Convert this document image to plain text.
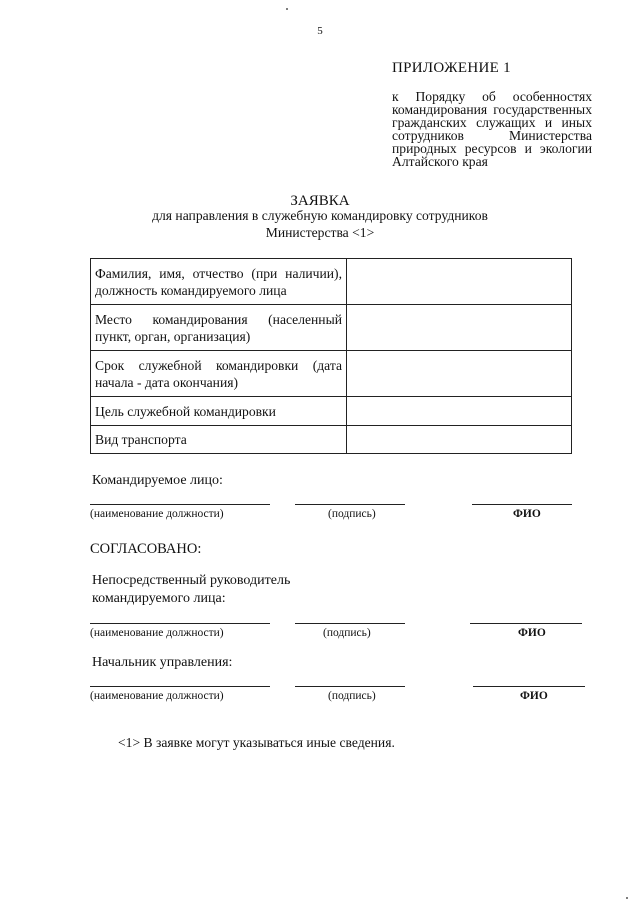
5
ПРИЛОЖЕНИЕ 1
к Порядку об особенностях командирования государственных гражданских служащих и иных сотрудников Министерства природных ресурсов и экологии Алтайского края
ЗАЯВКА
для направления в служебную командировку сотрудников
Министерства <1>
Фамилия, имя, отчество (при наличии), должность командируемого лица	
Место командирования (населенный пункт, орган, организация)	
Срок служебной командировки (дата начала - дата окончания)	
Цель служебной командировки	
Вид транспорта	
Командируемое лицо:
(наименование должности)	(подпись)	ФИО
СОГЛАСОВАНО:
Непосредственный руководитель
командируемого лица:
(наименование должности)	(подпись)	ФИО
Начальник управления:
(наименование должности)	(подпись)	ФИО
<1> В заявке могут указываться иные сведения.
